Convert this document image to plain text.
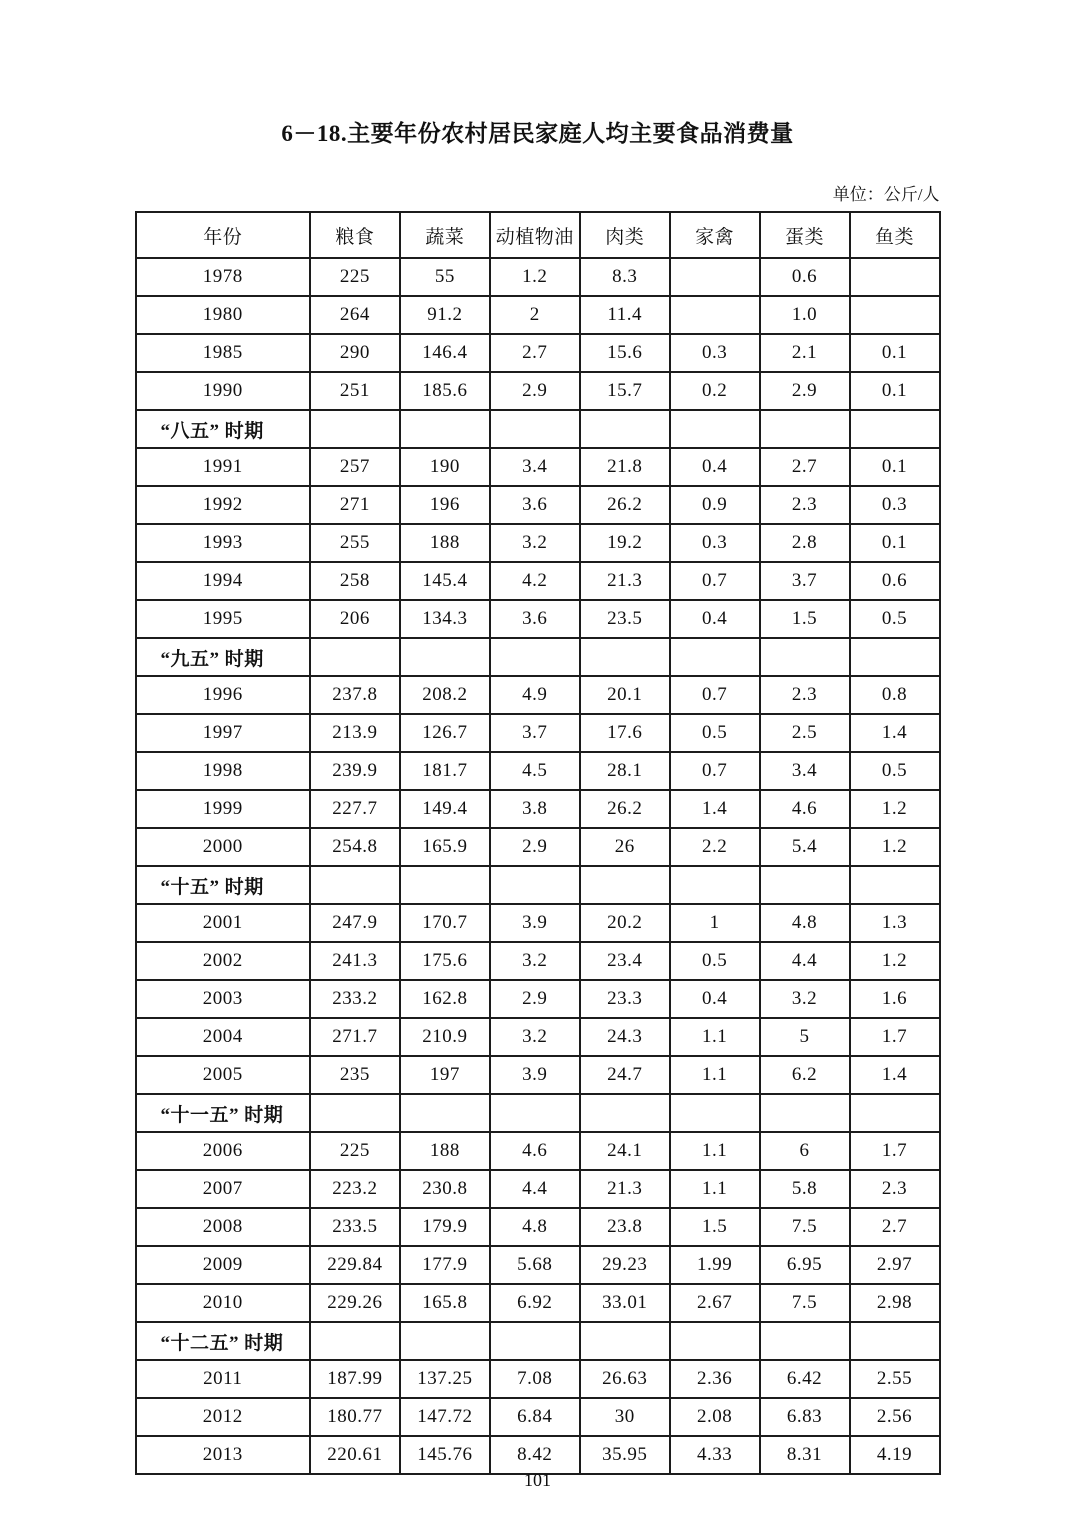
6－18.主要年份农村居民家庭人均主要食品消费量
单位：公斤/人
年份	粮食	蔬菜	动植物油	肉类	家禽	蛋类	鱼类
1978	225	55	1.2	8.3		0.6	
1980	264	91.2	2	11.4		1.0	
1985	290	146.4	2.7	15.6	0.3	2.1	0.1
1990	251	185.6	2.9	15.7	0.2	2.9	0.1
“八五” 时期							
1991	257	190	3.4	21.8	0.4	2.7	0.1
1992	271	196	3.6	26.2	0.9	2.3	0.3
1993	255	188	3.2	19.2	0.3	2.8	0.1
1994	258	145.4	4.2	21.3	0.7	3.7	0.6
1995	206	134.3	3.6	23.5	0.4	1.5	0.5
“九五” 时期							
1996	237.8	208.2	4.9	20.1	0.7	2.3	0.8
1997	213.9	126.7	3.7	17.6	0.5	2.5	1.4
1998	239.9	181.7	4.5	28.1	0.7	3.4	0.5
1999	227.7	149.4	3.8	26.2	1.4	4.6	1.2
2000	254.8	165.9	2.9	26	2.2	5.4	1.2
“十五” 时期							
2001	247.9	170.7	3.9	20.2	1	4.8	1.3
2002	241.3	175.6	3.2	23.4	0.5	4.4	1.2
2003	233.2	162.8	2.9	23.3	0.4	3.2	1.6
2004	271.7	210.9	3.2	24.3	1.1	5	1.7
2005	235	197	3.9	24.7	1.1	6.2	1.4
“十一五” 时期							
2006	225	188	4.6	24.1	1.1	6	1.7
2007	223.2	230.8	4.4	21.3	1.1	5.8	2.3
2008	233.5	179.9	4.8	23.8	1.5	7.5	2.7
2009	229.84	177.9	5.68	29.23	1.99	6.95	2.97
2010	229.26	165.8	6.92	33.01	2.67	7.5	2.98
“十二五” 时期							
2011	187.99	137.25	7.08	26.63	2.36	6.42	2.55
2012	180.77	147.72	6.84	30	2.08	6.83	2.56
2013	220.61	145.76	8.42	35.95	4.33	8.31	4.19
101
